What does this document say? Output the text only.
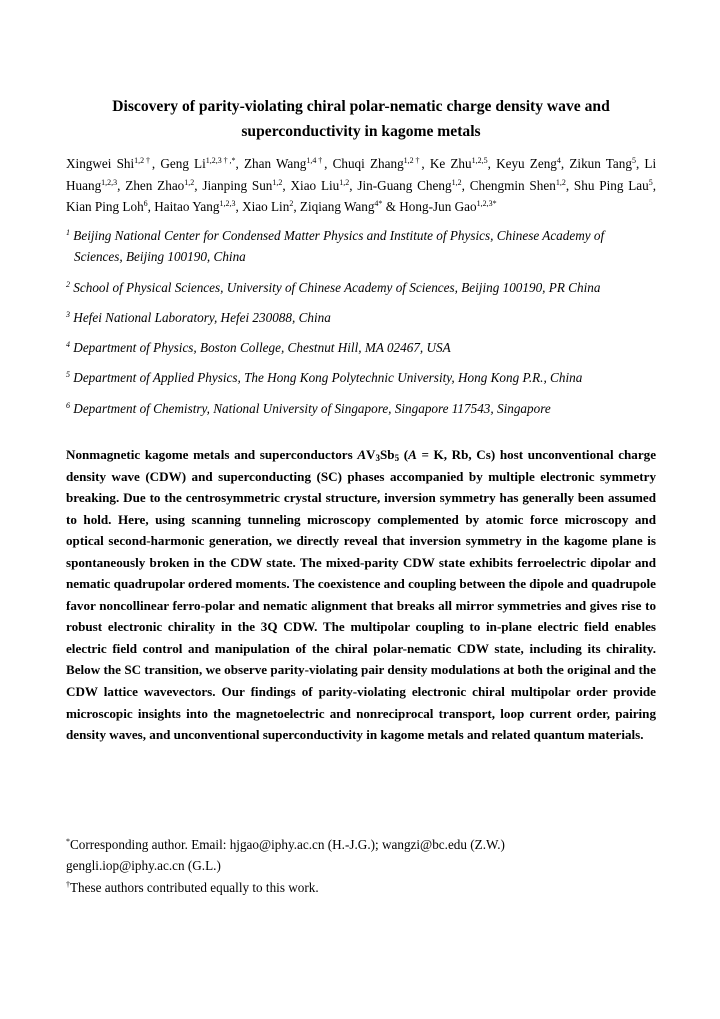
Discovery of parity-violating chiral polar-nematic charge density wave and
superconductivity in kagome metals
Xingwei Shi$^{1,2\dagger}$, Geng $Li^{1,2,3\dagger,*}$, Zhan Wang$^{1,4\dagger}$, Chuqi Zhang$^{1,2\dagger}$, Ke Zhu$^{1,2,5}$, Keyu Zeng$^4$, Zikun Tang$^5$, Li Huang$^{1,2,3}$, Zhen Zhao$^{1,2}$, Jianping Sun$^{1,2}$, Xiao Liu$^{1,2}$, Jin-Guang Cheng$^{1,2}$, Chengmin Shen$^{1,2}$, Shu Ping Lau$^5$, Kian Ping Loh$^6$, Haitao Yang$^{1,2,3}$, Xiao Lin$^2$, Ziqiang Wang$^{4*}$ & Hong-Jun Gao$^{1,2,3*}$
$^1$ Beijing National Center for Condensed Matter Physics and Institute of Physics, Chinese Academy of
Sciences, Beijing 100190, China
$^2$ School of Physical Sciences, University of Chinese Academy of Sciences, Beijing 100190, PR China
$^3$ Hefei National Laboratory, Hefei 230088, China
$^4$ Department of Physics, Boston College, Chestnut Hill, MA 02467, USA
$^5$ Department of Applied Physics, The Hong Kong Polytechnic University, Hong Kong P.R., China
$^6$ Department of Chemistry, National University of Singapore, Singapore 117543, Singapore
Nonmagnetic kagome metals and superconductors $AV_3Sb_5$ (A = K, Rb, Cs) host unconventional charge density wave (CDW) and superconducting (SC) phases accompanied by multiple electronic symmetry breaking. Due to the centrosymmetric crystal structure, inversion symmetry has generally been assumed to hold. Here, using scanning tunneling microscopy complemented by atomic force microscopy and optical second-harmonic generation, we directly reveal that inversion symmetry in the kagome plane is spontaneously broken in the CDW state. The mixed-parity CDW state exhibits ferroelectric dipolar and nematic quadrupolar ordered moments. The coexistence and coupling between the dipole and quadrupole favor noncollinear ferro-polar and nematic alignment that breaks all mirror symmetries and gives rise to robust electronic chirality in the 3Q CDW. The multipolar coupling to in-plane electric field enables electric field control and manipulation of the chiral polar-nematic CDW state, including its chirality. Below the SC transition, we observe parity-violating pair density modulations at both the original and the CDW lattice wavevectors. Our findings of parity-violating electronic chiral multipolar order provide microscopic insights into the magnetoelectric and nonreciprocal transport, loop current order, pairing density waves, and unconventional superconductivity in kagome metals and related quantum materials.
*Corresponding author. Email: hjgao@iphy.ac.cn (H.-J.G.); wangzi@bc.edu (Z.W.)
gengli.iop@iphy.ac.cn (G.L.)
†These authors contributed equally to this work.
